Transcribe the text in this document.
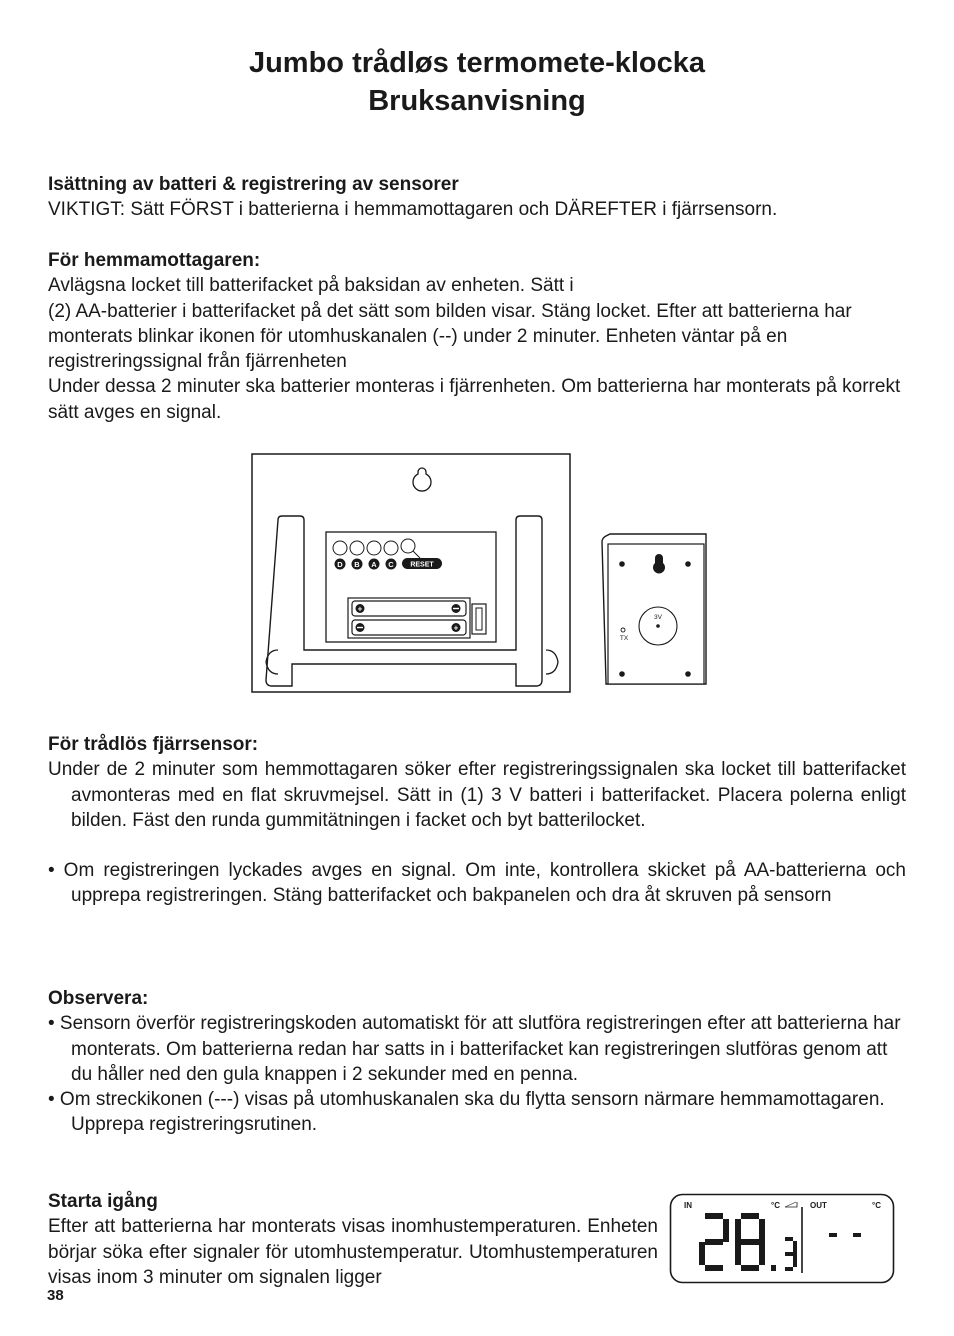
Jumbo trådløs termomete-klocka
Bruksanvisning

Isättning av batteri & registrering av sensorer

VIKTIGT: Sätt FÖRST i batterierna i hemmamottagaren och DÄREFTER i fjärrsensorn.

För hemmamottagaren:

Avlägsna locket till batterifacket på baksidan av enheten. Sätt i

(2) AA-batterier i batterifacket på det sätt som bilden visar. Stäng locket. Efter att batterierna har monterats blinkar ikonen för utomhuskanalen (--) under 2 minuter. Enheten väntar på en registreringssignal från fjärrenheten

Under dessa 2 minuter ska batterier monteras i fjärrenheten. Om batterierna har monterats på korrekt sätt avges en signal.

D B A C RESET
+
+
3V
TX

För trådlös fjärrsensor:

Under de 2 minuter som hemmottagaren söker efter registreringssignalen ska locket till batterifacket avmonteras med en flat skruvmejsel. Sätt in (1) 3 V batteri i batterifacket. Placera polerna enligt bilden. Fäst den runda gummitätningen i facket och byt batterilocket.

• Om registreringen lyckades avges en signal. Om inte, kontrollera skicket på AA-batterierna och upprepa registreringen. Stäng batterifacket och bakpanelen och dra åt skruven på sensorn

Observera:

• Sensorn överför registreringskoden automatiskt för att slutföra registreringen efter att batterierna har monterats. Om batterierna redan har satts in i batterifacket kan registreringen slutföras genom att du håller ned den gula knappen i 2 sekunder med en penna.

• Om streckikonen (---) visas på utomhuskanalen ska du flytta sensorn närmare hemmamottagaren. Upprepa registreringsrutinen.

Starta igång

Efter att batterierna har monterats visas inomhustemperaturen. Enheten börjar söka efter signaler för utomhustemperatur. Utomhustemperaturen visas inom 3 minuter om signalen ligger

IN	°C	OUT	°C
38
